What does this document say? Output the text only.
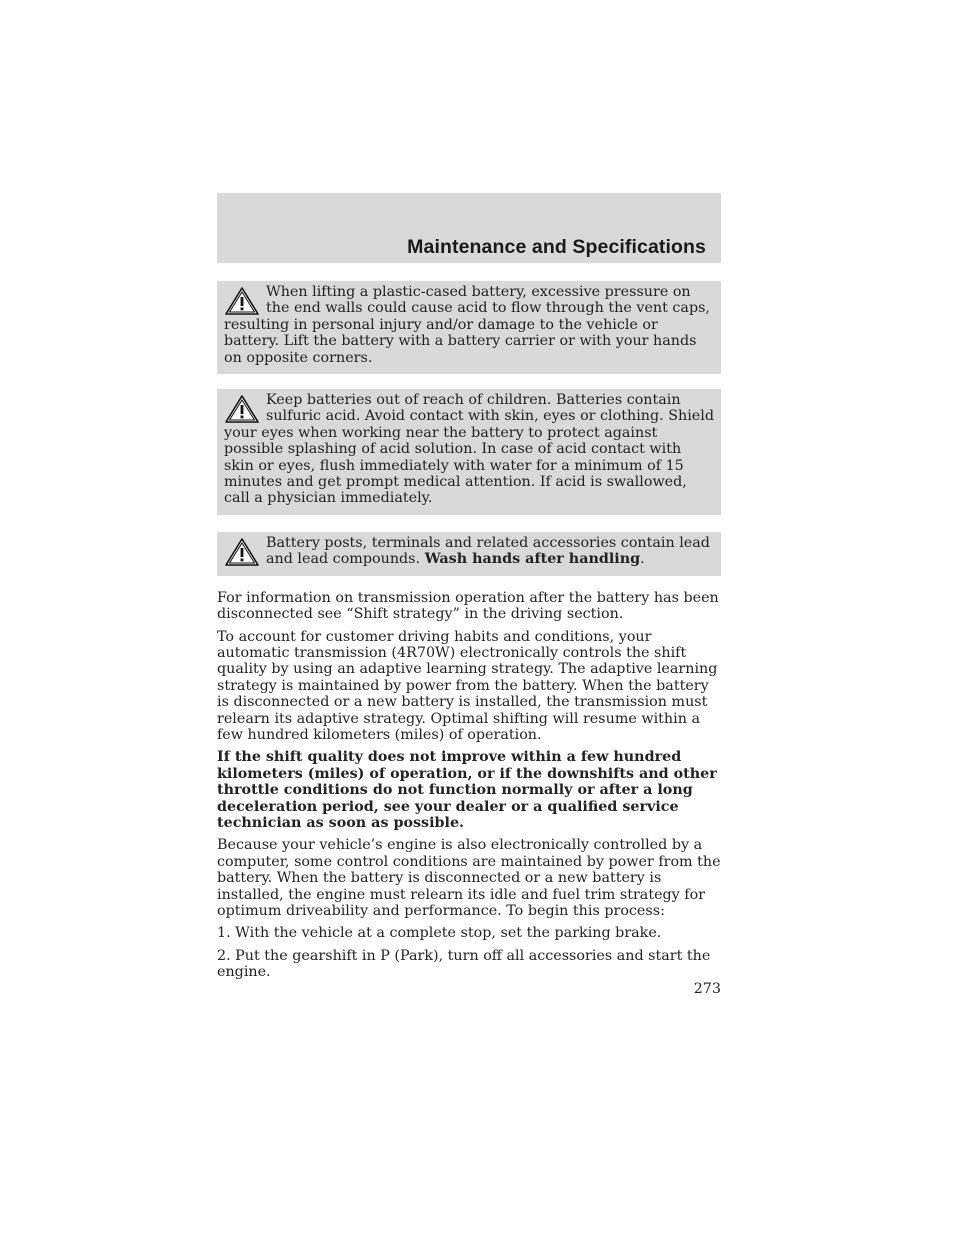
Maintenance and Specifications

When lifting a plastic-cased battery, excessive pressure on the end walls could cause acid to flow through the vent caps, resulting in personal injury and/or damage to the vehicle or battery. Lift the battery with a battery carrier or with your hands on opposite corners.

Keep batteries out of reach of children. Batteries contain sulfuric acid. Avoid contact with skin, eyes or clothing. Shield your eyes when working near the battery to protect against possible splashing of acid solution. In case of acid contact with skin or eyes, flush immediately with water for a minimum of 15 minutes and get prompt medical attention. If acid is swallowed, call a physician immediately.

Battery posts, terminals and related accessories contain lead and lead compounds. Wash hands after handling.

For information on transmission operation after the battery has been disconnected see “Shift strategy” in the driving section.

To account for customer driving habits and conditions, your automatic transmission (4R70W) electronically controls the shift quality by using an adaptive learning strategy. The adaptive learning strategy is maintained by power from the battery. When the battery is disconnected or a new battery is installed, the transmission must relearn its adaptive strategy. Optimal shifting will resume within a few hundred kilometers (miles) of operation.

If the shift quality does not improve within a few hundred kilometers (miles) of operation, or if the downshifts and other throttle conditions do not function normally or after a long deceleration period, see your dealer or a qualified service technician as soon as possible.

Because your vehicle’s engine is also electronically controlled by a computer, some control conditions are maintained by power from the battery. When the battery is disconnected or a new battery is installed, the engine must relearn its idle and fuel trim strategy for optimum driveability and performance. To begin this process:

1. With the vehicle at a complete stop, set the parking brake.

2. Put the gearshift in P (Park), turn off all accessories and start the engine.

273
